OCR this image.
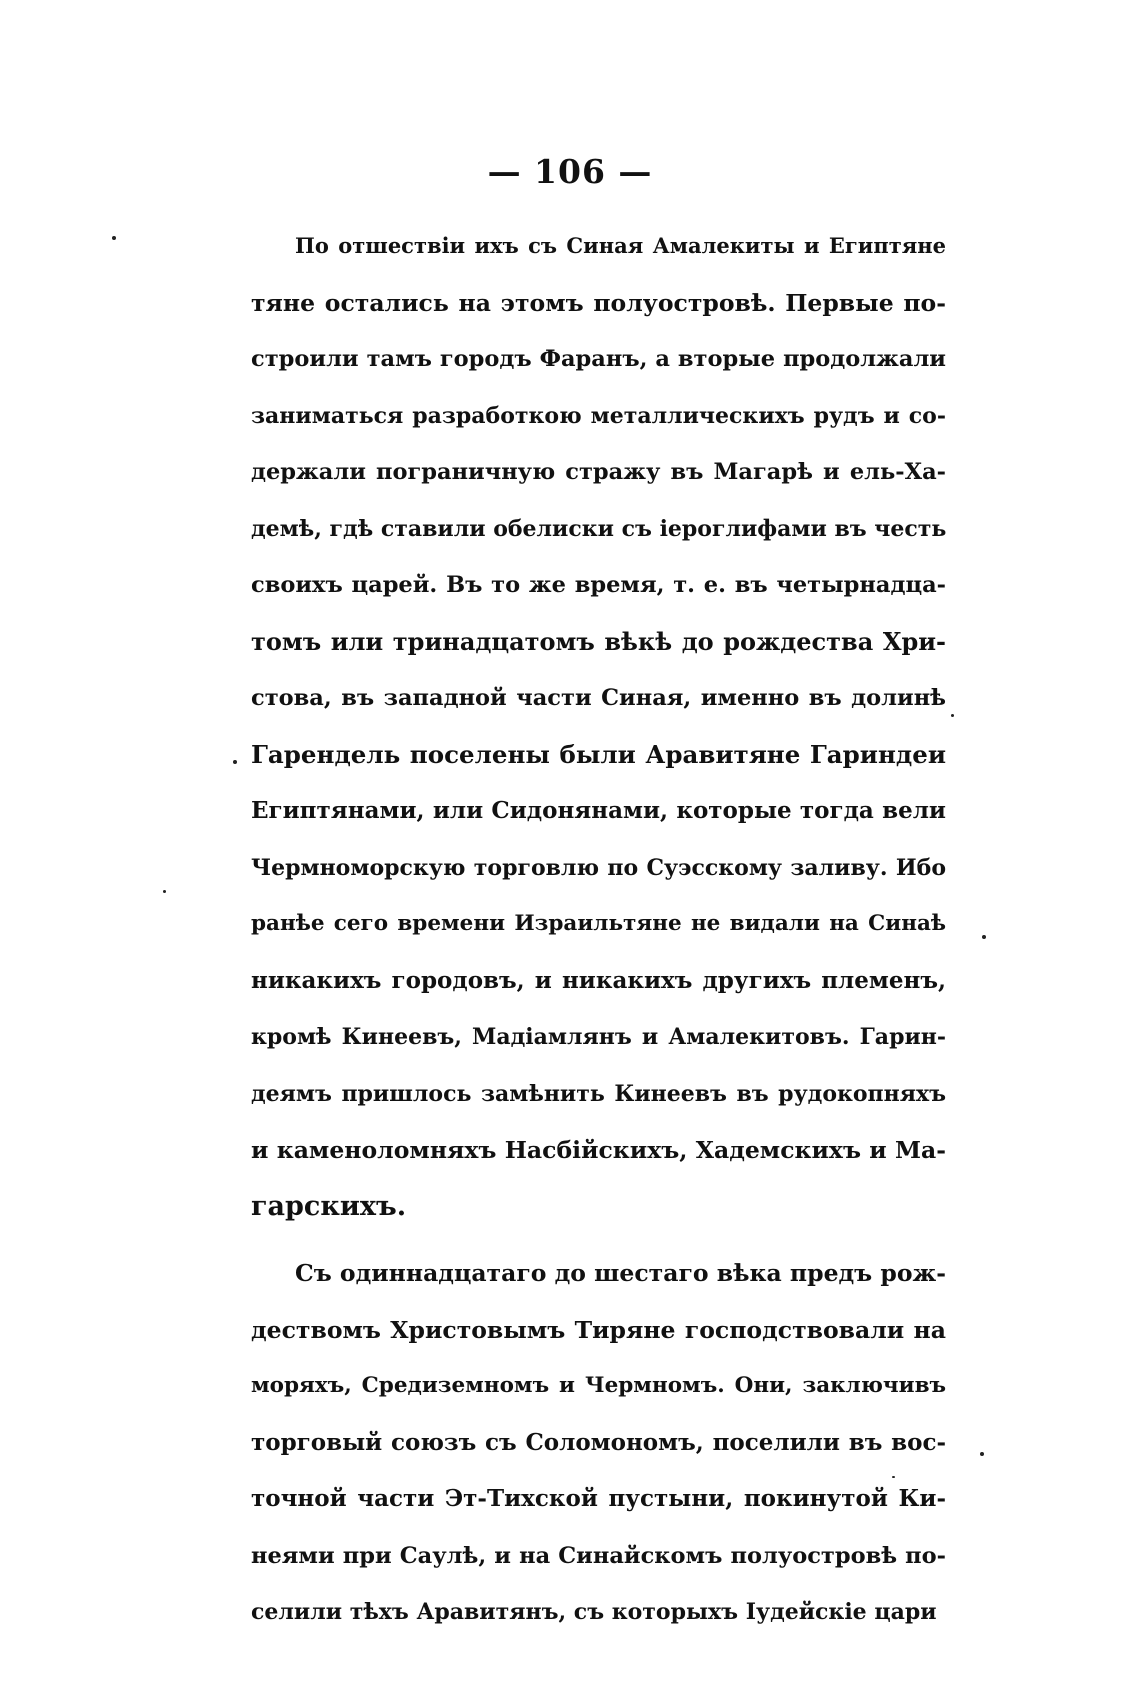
— 106 —
По отшествіи ихъ съ Синая Амалекиты и Египтяне
тяне остались на этомъ полуостровѣ. Первые по-
строили тамъ городъ Фаранъ, а вторые продолжали
заниматься разработкою металлическихъ рудъ и со-
держали пограничную стражу въ Магарѣ и ель-Ха-
демѣ, гдѣ ставили обелиски съ іероглифами въ честь
своихъ царей. Въ то же время, т. е. въ четырнадца-
томъ или тринадцатомъ вѣкѣ до рождества Хри-
стова, въ западной части Синая, именно въ долинѣ
Гарендель поселены были Аравитяне Гариндеи
Египтянами, или Сидонянами, которые тогда вели
Чермноморскую торговлю по Суэсскому заливу. Ибо
ранѣе сего времени Израильтяне не видали на Синаѣ
никакихъ городовъ, и никакихъ другихъ племенъ,
кромѣ Кинеевъ, Мадіамлянъ и Амалекитовъ. Гарин-
деямъ пришлось замѣнить Кинеевъ въ рудокопняхъ
и каменоломняхъ Насбійскихъ, Хадемскихъ и Ма-
гарскихъ.
Съ одиннадцатаго до шестаго вѣка предъ рож-
дествомъ Христовымъ Тиряне господствовали на
моряхъ, Средиземномъ и Чермномъ. Они, заключивъ
торговый союзъ съ Соломономъ, поселили въ вос-
точной части Эт-Тихской пустыни, покинутой Ки-
неями при Саулѣ, и на Синайскомъ полуостровѣ по-
селили тѣхъ Аравитянъ, съ которыхъ Іудейскіе цари
